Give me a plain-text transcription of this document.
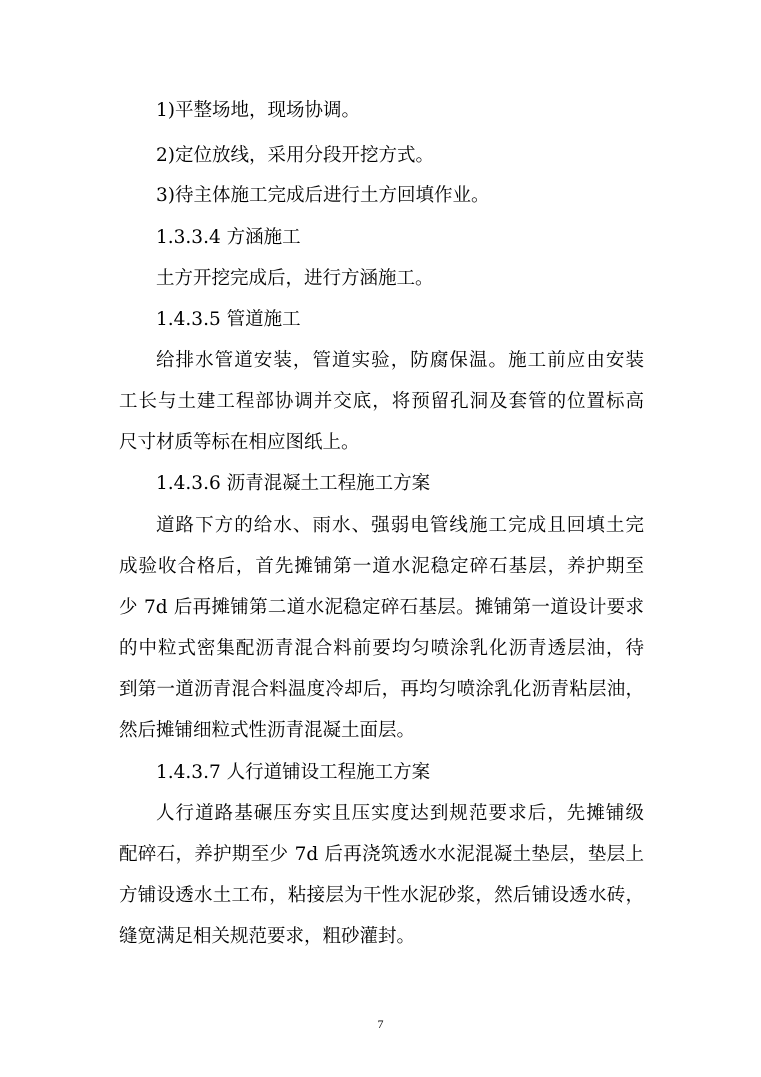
1)平整场地，现场协调。
2)定位放线，采用分段开挖方式。
3)待主体施工完成后进行土方回填作业。
1.3.3.4 方涵施工
土方开挖完成后，进行方涵施工。
1.4.3.5 管道施工
给排水管道安装，管道实验，防腐保温。施工前应由安装
工长与土建工程部协调并交底，将预留孔洞及套管的位置标高
尺寸材质等标在相应图纸上。
1.4.3.6 沥青混凝土工程施工方案
道路下方的给水、雨水、强弱电管线施工完成且回填土完
成验收合格后，首先摊铺第一道水泥稳定碎石基层，养护期至
少 7d 后再摊铺第二道水泥稳定碎石基层。摊铺第一道设计要求
的中粒式密集配沥青混合料前要均匀喷涂乳化沥青透层油，待
到第一道沥青混合料温度冷却后，再均匀喷涂乳化沥青粘层油，
然后摊铺细粒式性沥青混凝土面层。
1.4.3.7 人行道铺设工程施工方案
人行道路基碾压夯实且压实度达到规范要求后，先摊铺级
配碎石，养护期至少 7d 后再浇筑透水水泥混凝土垫层，垫层上
方铺设透水土工布，粘接层为干性水泥砂浆，然后铺设透水砖，
缝宽满足相关规范要求，粗砂灌封。
7
